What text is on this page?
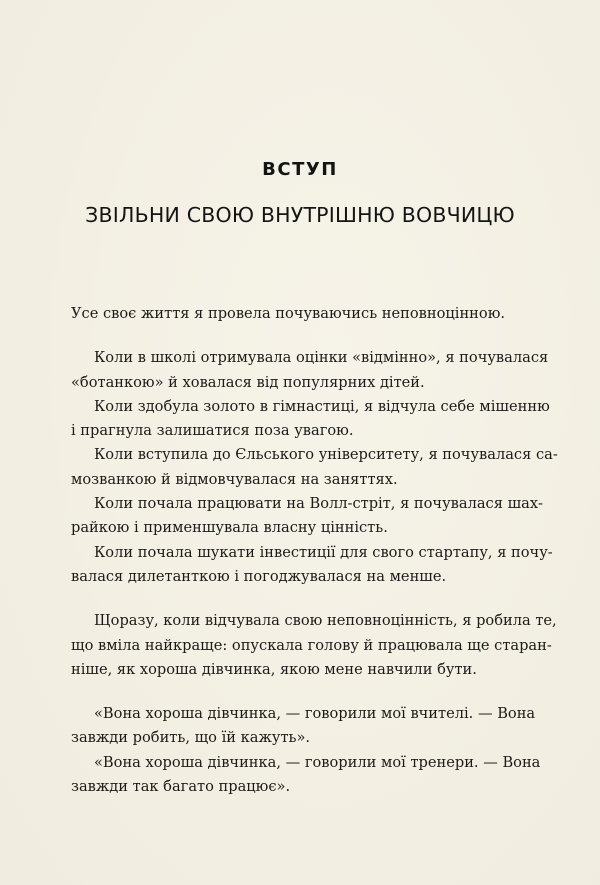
ВСТУП
ЗВІЛЬНИ СВОЮ ВНУТРІШНЮ ВОВЧИЦЮ
Усе своє життя я провела почуваючись неповноцінною.
Коли в школі отримувала оцінки «відмінно», я почувалася
«ботанкою» й ховалася від популярних дітей.
Коли здобула золото в гімнастиці, я відчула себе мішенню
і прагнула залишатися поза увагою.
Коли вступила до Єльського університету, я почувалася са-
мозванкою й відмовчувалася на заняттях.
Коли почала працювати на Волл-стріт, я почувалася шах-
райкою і применшувала власну цінність.
Коли почала шукати інвестиції для свого стартапу, я почу-
валася дилетанткою і погоджувалася на менше.
Щоразу, коли відчувала свою неповноцінність, я робила те,
що вміла найкраще: опускала голову й працювала ще старан-
ніше, як хороша дівчинка, якою мене навчили бути.
«Вона хороша дівчинка, — говорили мої вчителі. — Вона
завжди робить, що їй кажуть».
«Вона хороша дівчинка, — говорили мої тренери. — Вона
завжди так багато працює».
